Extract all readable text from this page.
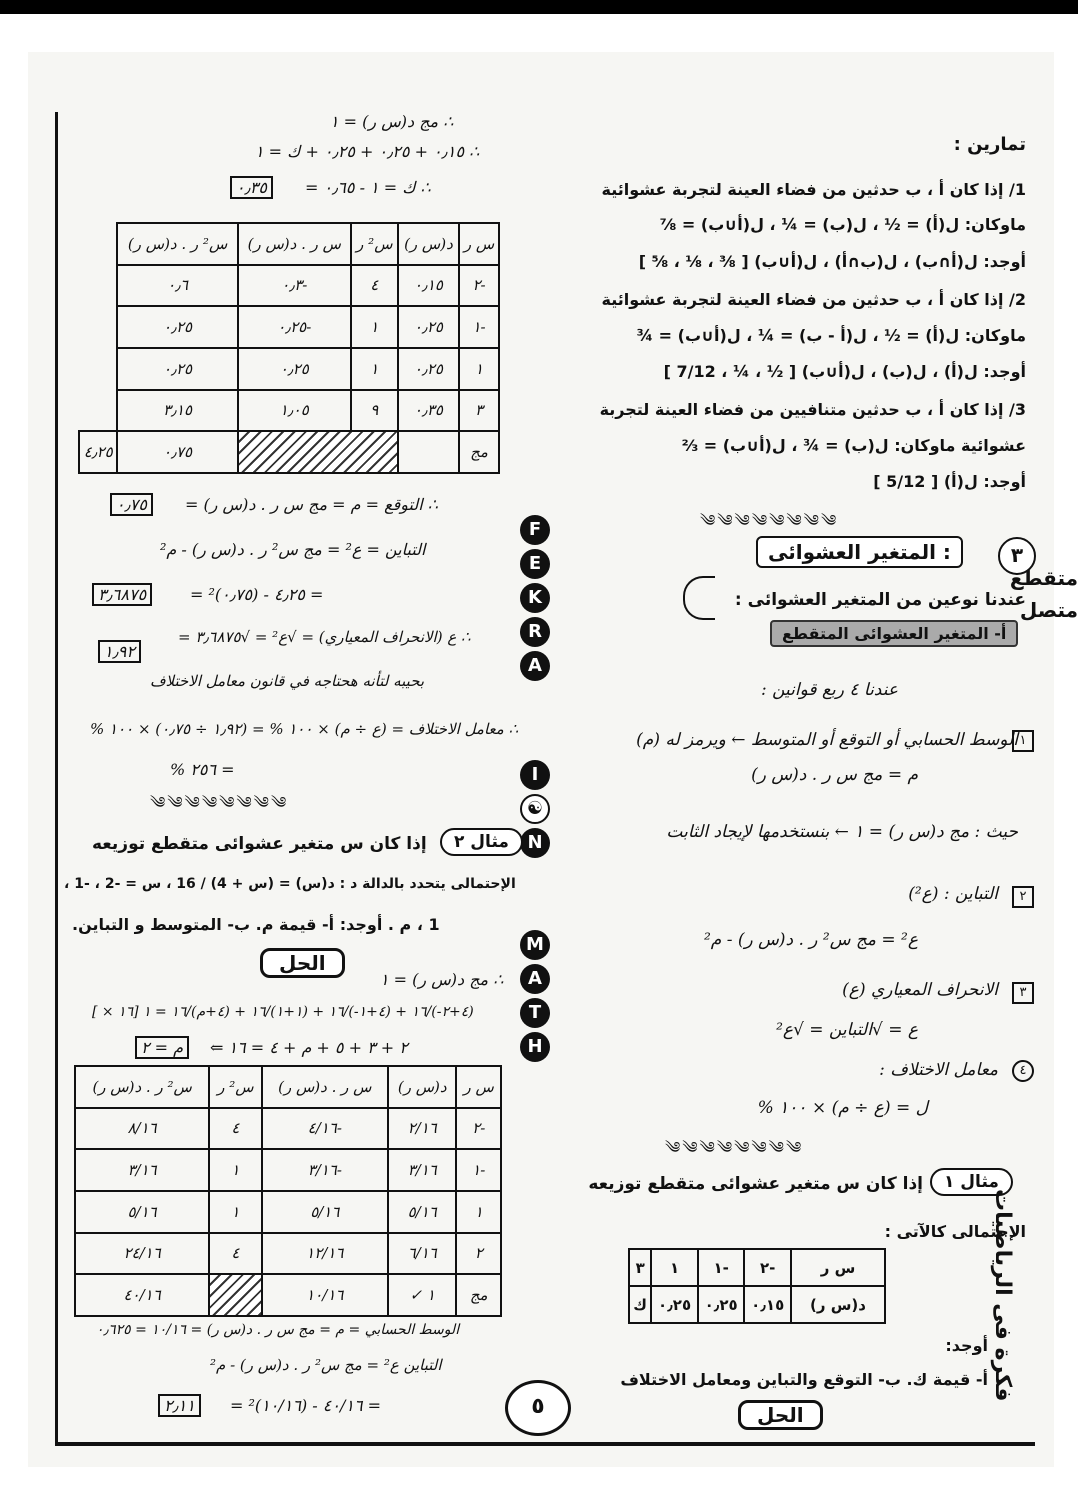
تمارين :
1/ إذا كان أ ، ب حدثين من فضاء العينة لتجربة عشوائية
ماوكان: ل(أ) = ½ ، ل(ب) = ¼ ، ل(أ∪ب) = ⅞
أوجد: ل(أ∩ب) ، ل(ب∩أ) ، ل(أ∪ب) [ ⅜ ، ⅛ ، ⅝ ]
2/ إذا كان أ ، ب حدثين من فضاء العينة لتجربة عشوائية
ماوكان: ل(أ) = ½ ، ل(أ - ب) = ¼ ، ل(أ∪ب) = ¾
أوجد: ل(أ) ، ل(ب) ، ل(أ∪ب) [ ½ ، ¼ ، 7/12 ]
3/ إذا كان أ ، ب حدثين متنافيين من فضاء العينة لتجربة
عشوائية ماوكان: ل(ب) = ¾ ، ل(أ∪ب) = ⅔
أوجد: ل(أ) [ 5/12 ]
༄༄༄༄༄༄༄༄
٣
المتغير العشوائى :
متقطع
متصل
عندنا نوعين من المتغير العشوائى :
أ- المتغير العشوائى المتقطع
عندنا ٤ ربع قوانين :
الوسط الحسابي أو التوقع أو المتوسط ← ويرمز له (م)
م = مج س ر . د(س ر)
حيث : مج د(س ر) = ١ ← بنستخدمها لإيجاد الثابت
التباين : (ع²)
ع² = مج س² ر . د(س ر) - م²
الانحراف المعياري (ع)
ع = √التباين = √ع²
معامل الاختلاف :
ل = (ع ÷ م) × ١٠٠ %
١
٢
٣
٤
༄༄༄༄༄༄༄༄
مثال ١
إذا كان س متغير عشوائى متقطع توزيعه
الإحتمالى كالآتى :
س ر	-٢	-١	١	٣
د(س ر)	٠٫١٥	٠٫٢٥	٠٫٢٥	ك
أوجد:
أ- قيمة ك. ب- التوقع والتباين ومعامل الاختلاف
الحل
فكرة فى الرياضيات
٥
F
E
K
R
A
I
☯
N
M
A
T
H
∴ مج د(س ر) = ١
∴ ٠٫١٥ + ٠٫٢٥ + ٠٫٢٥ + ك = ١
∴ ك = ١ - ٠٫٦٥ =
٠٫٣٥
س ر	د(س ر)	س² ر	س ر . د(س ر)	س² ر . د(س ر)	
-٢	٠٫١٥	٤	-٠٫٣	٠٫٦	
-١	٠٫٢٥	١	-٠٫٢٥	٠٫٢٥	
١	٠٫٢٥	١	٠٫٢٥	٠٫٢٥	
٣	٠٫٣٥	٩	١٫٠٥	٣٫١٥	
مج				٠٫٧٥	٤٫٢٥
∴ التوقع = م = مج س ر . د(س ر) =
٠٫٧٥
التباين = ع² = مج س² ر . د(س ر) - م²
= ٤٫٢٥ - (٠٫٧٥)² =
٣٫٦٨٧٥
∴ ع (الانحراف المعياري) = √ع² = √٣٫٦٨٧٥ =
١٫٩٢
بحيبه لتأنه هحتاجه في قانون معامل الاختلاف
∴ معامل الاختلاف = (ع ÷ م) × ١٠٠ % = (١٫٩٢ ÷ ٠٫٧٥) × ١٠٠ %
= ٢٥٦ %
༄༄༄༄༄༄༄༄
مثال ٢
إذا كان س متغير عشوائى متقطع توزيعه
الإحتمالى يتحدد بالدالة د : د(س) = (س + 4) / 16 ، س = -2 ، -1 ،
1 ، م . أوجد: أ- قيمة م. ب- المتوسط و التباين.
الحل
∴ مج د(س ر) = ١
(٤+٢-)/١٦ + (٤+١-)/١٦ + (١+١)/١٦ + (٤+م)/١٦ = ١ [١٦ × ]
٢ + ٣ + ٥ + م + ٤ = ١٦ ⇐
م = ٢
س ر	د(س ر)	س ر . د(س ر)	س² ر	س² ر . د(س ر)
-٢	٢/١٦	-٤/١٦	٤	٨/١٦
-١	٣/١٦	-٣/١٦	١	٣/١٦
١	٥/١٦	٥/١٦	١	٥/١٦
٢	٦/١٦	١٢/١٦	٤	٢٤/١٦
مج	١ ✓	١٠/١٦		٤٠/١٦
الوسط الحسابي = م = مج س ر . د(س ر) = ١٠/١٦ = ٠٫٦٢٥
التباين ع² = مج س² ر . د(س ر) - م²
= ٤٠/١٦ - (١٠/١٦)² =
٢٫١١
